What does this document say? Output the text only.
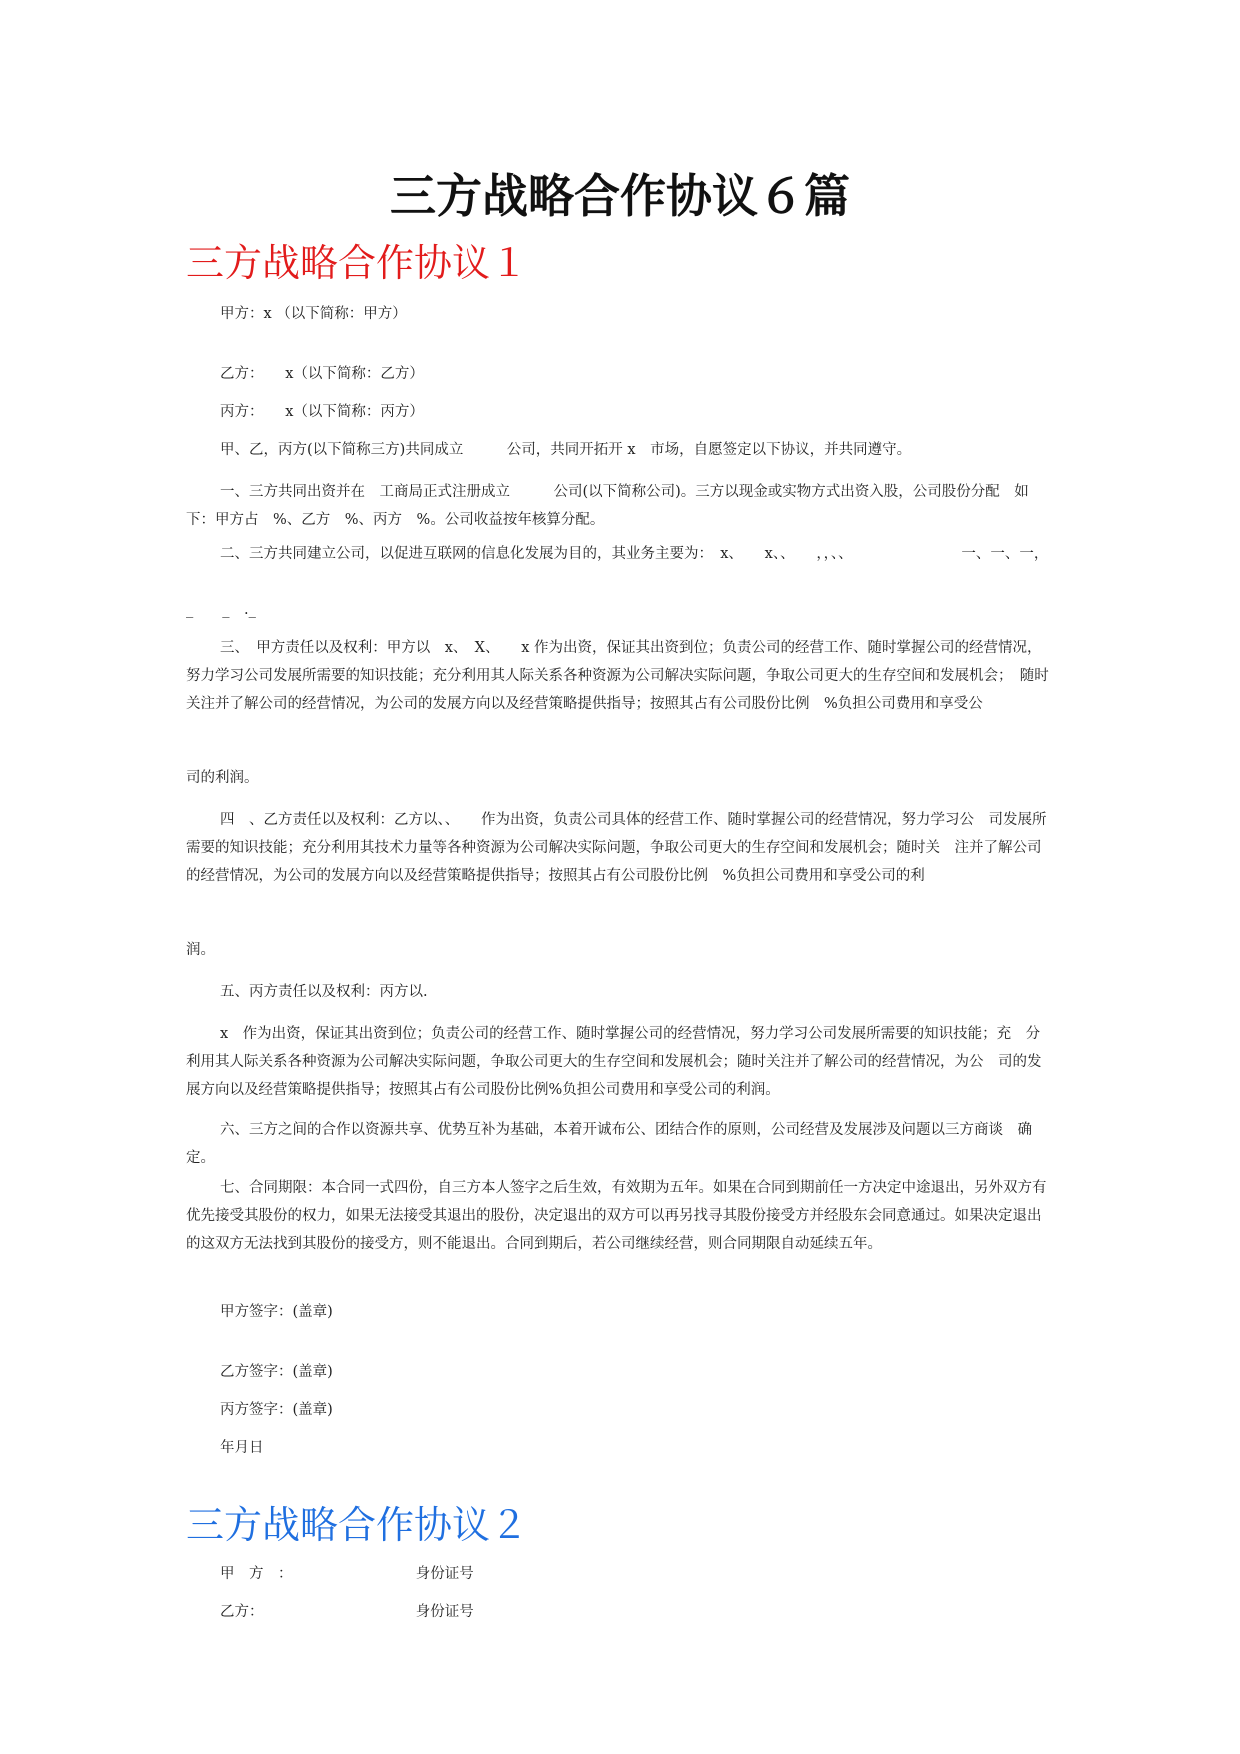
三方战略合作协议６篇
三方战略合作协议１

甲方：x （以下简称：甲方）

乙方：　　x（以下简称：乙方）

丙方：　　x（以下简称：丙方）

甲、乙，丙方(以下简称三方)共同成立　　　公司，共同开拓开 x　市场，自愿签定以下协议，并共同遵守。

一、三方共同出资并在　工商局正式注册成立　　　公司(以下简称公司)。三方以现金或实物方式出资入股，公司股份分配　如下：甲方占　%、乙方　%、丙方　%。公司收益按年核算分配。

二、三方共同建立公司，以促进互联网的信息化发展为目的，其业务主要为：　x、　　x、、　　，，、、　　　　　　　　一、一、一，

_　　_　._

三、　甲方责任以及权利：甲方以　x、　X、　　x 作为出资，保证其出资到位；负责公司的经营工作、随时掌握公司的经营情况，　努力学习公司发展所需要的知识技能；充分利用其人际关系各种资源为公司解决实际问题，争取公司更大的生存空间和发展机会；　随时关注并了解公司的经营情况，为公司的发展方向以及经营策略提供指导；按照其占有公司股份比例　%负担公司费用和享受公

司的利润。

四　、乙方责任以及权利：乙方以、、　　作为出资，负责公司具体的经营工作、随时掌握公司的经营情况，努力学习公　司发展所需要的知识技能；充分利用其技术力量等各种资源为公司解决实际问题，争取公司更大的生存空间和发展机会；随时关　注并了解公司的经营情况，为公司的发展方向以及经营策略提供指导；按照其占有公司股份比例　%负担公司费用和享受公司的利

润。

五、丙方责任以及权利：丙方以.

x　作为出资，保证其出资到位；负责公司的经营工作、随时掌握公司的经营情况，努力学习公司发展所需要的知识技能；充　分利用其人际关系各种资源为公司解决实际问题，争取公司更大的生存空间和发展机会；随时关注并了解公司的经营情况，为公　司的发展方向以及经营策略提供指导；按照其占有公司股份比例%负担公司费用和享受公司的利润。

六、三方之间的合作以资源共享、优势互补为基础，本着开诚布公、团结合作的原则，公司经营及发展涉及问题以三方商谈　确定。

七、合同期限：本合同一式四份，自三方本人签字之后生效，有效期为五年。如果在合同到期前任一方决定中途退出，另外双方有优先接受其股份的权力，如果无法接受其退出的股份，决定退出的双方可以再另找寻其股份接受方并经股东会同意通过。如果决定退出的这双方无法找到其股份的接受方，则不能退出。合同到期后，若公司继续经营，则合同期限自动延续五年。

甲方签字：(盖章)

乙方签字：(盖章)

丙方签字：(盖章)

年月日

三方战略合作协议２

甲　方　：　　　　　　　　　身份证号

乙方：　　　　　　　　　　　身份证号
